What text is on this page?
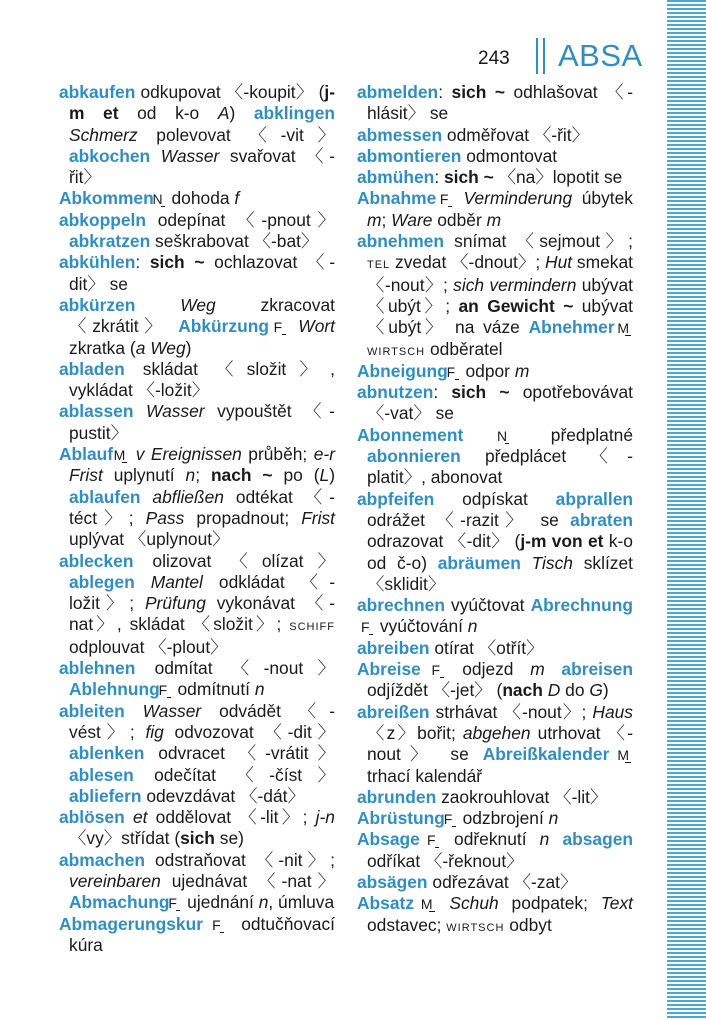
243 ABSA

abkaufen odkupovat 〈-koupit〉 (j-m et od k-o A) abklingen Schmerz polevovat 〈-vit〉 abkochen Wasser svařovat 〈-řit〉

Abkommen N dohoda f

abkoppeln odepínat 〈-pnout〉 abkratzen seškrabovat 〈-bat〉

abkühlen: sich ~ ochlazovat 〈-dit〉 se

abkürzen	Weg zkracovat 〈zkrátit〉 Abkürzung F Wort zkratka (a Weg)

abladen skládat 〈složit〉, vykládat 〈-ložit〉

ablassen Wasser vypouštět 〈-pustit〉

Ablauf M v Ereignissen průběh; e-r Frist uplynutí n; nach ~ po (L) ablaufen abfließen odtékat 〈-téct〉; Pass propadnout; Frist uplývat 〈uplynout〉

ablecken olizovat 〈olízat〉 ablegen Mantel odkládat 〈-ložit〉; Prüfung vykonávat 〈-nat〉, skládat 〈složit〉; schiff odplouvat 〈-plout〉

ablehnen odmítat 〈-nout〉 Ablehnung F odmítnutí n

ableiten Wasser odvádět 〈-vést〉; fig odvozovat 〈-dit〉 ablenken odvracet 〈-vrátit〉 ablesen odečítat 〈-číst〉 abliefern odevzdávat 〈-dát〉

ablösen et oddělovat 〈-lit〉; j-n 〈vy〉střídat (sich se)

abmachen odstraňovat 〈-nit〉; vereinbaren ujednávat 〈-nat〉 Abmachung F ujednání n, úmluva

Abmagerungskur F odtučňovací kúra

abmelden: sich ~ odhlašovat 〈-hlásit〉 se

abmessen odměřovat 〈-řit〉

abmontieren odmontovat

abmühen: sich ~ 〈na〉lopotit se

Abnahme F Verminderung úbytek m; Ware odběr m

abnehmen snímat 〈sejmout〉; tel zvedat 〈-dnout〉; Hut smekat 〈-nout〉; sich vermindern ubývat 〈ubýt〉; an Gewicht ~ ubývat 〈ubýt〉 na váze Abnehmer Mwirtsch odběratel

Abneigung F odpor m

abnutzen: sich ~ opotřebovávat 〈-vat〉 se

Abonnement N předplatné abonnieren předplácet 〈-platit〉, abonovat

abpfeifen odpískat abprallen odrážet 〈-razit〉 se abraten odrazovat 〈-dit〉 (j-m von et k-o od č-o) abräumen Tisch sklízet 〈sklidit〉

abrechnen vyúčtovat Abrechnung F vyúčtování n

abreiben otírat 〈otřít〉

Abreise F odjezd m abreisen odjíždět 〈-jet〉 (nach D do G)

abreißen strhávat 〈-nout〉; Haus 〈z〉bořit; abgehen utrhovat 〈-nout〉 se Abreißkalender M trhací kalendář

abrunden zaokrouhlovat 〈-lit〉

Abrüstung F odzbrojení n

Absage F odřeknutí n absagen odříkat 〈-řeknout〉

absägen odřezávat 〈-zat〉

Absatz M Schuh podpatek; Text odstavec; wirtsch odbyt
